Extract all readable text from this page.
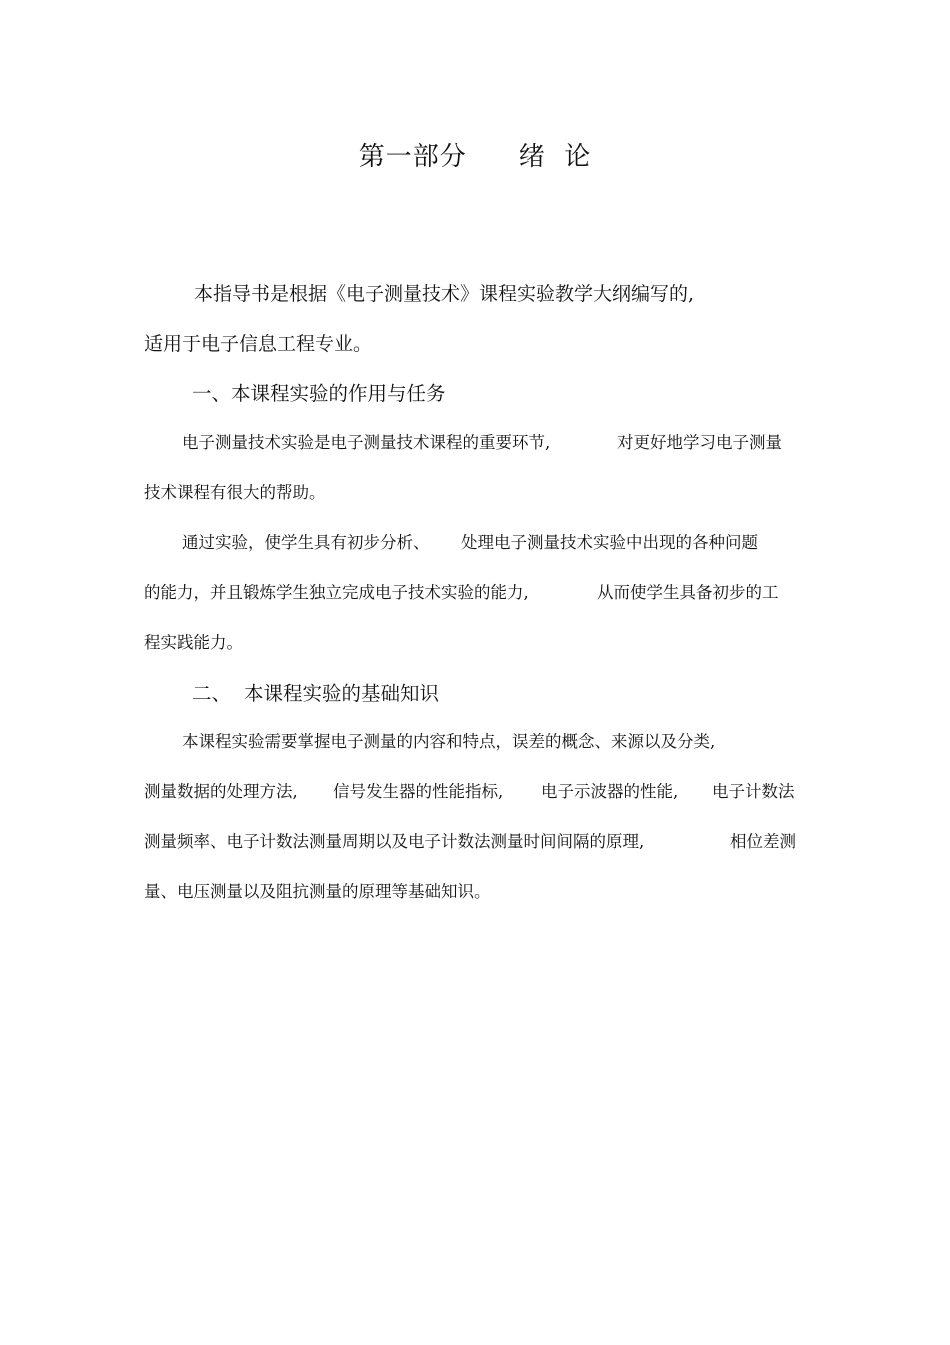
第一部分 绪  论
本指导书是根据《电子测量技术》课程实验教学大纲编写的,
适用于电子信息工程专业。
一、本课程实验的作用与任务
电子测量技术实验是电子测量技术课程的重要环节,	对更好地学习电子测量
技术课程有很大的帮助。
通过实验，使学生具有初步分析、 处理电子测量技术实验中出现的各种问题
的能力，并且锻炼学生独立完成电子技术实验的能力,	从而使学生具备初步的工
程实践能力。
二、 本课程实验的基础知识
本课程实验需要掌握电子测量的内容和特点，误差的概念、来源以及分类,
测量数据的处理方法, 信号发生器的性能指标, 电子示波器的性能, 电子计数法
测量频率、电子计数法测量周期以及电子计数法测量时间间隔的原理,	相位差测
量、电压测量以及阻抗测量的原理等基础知识。
